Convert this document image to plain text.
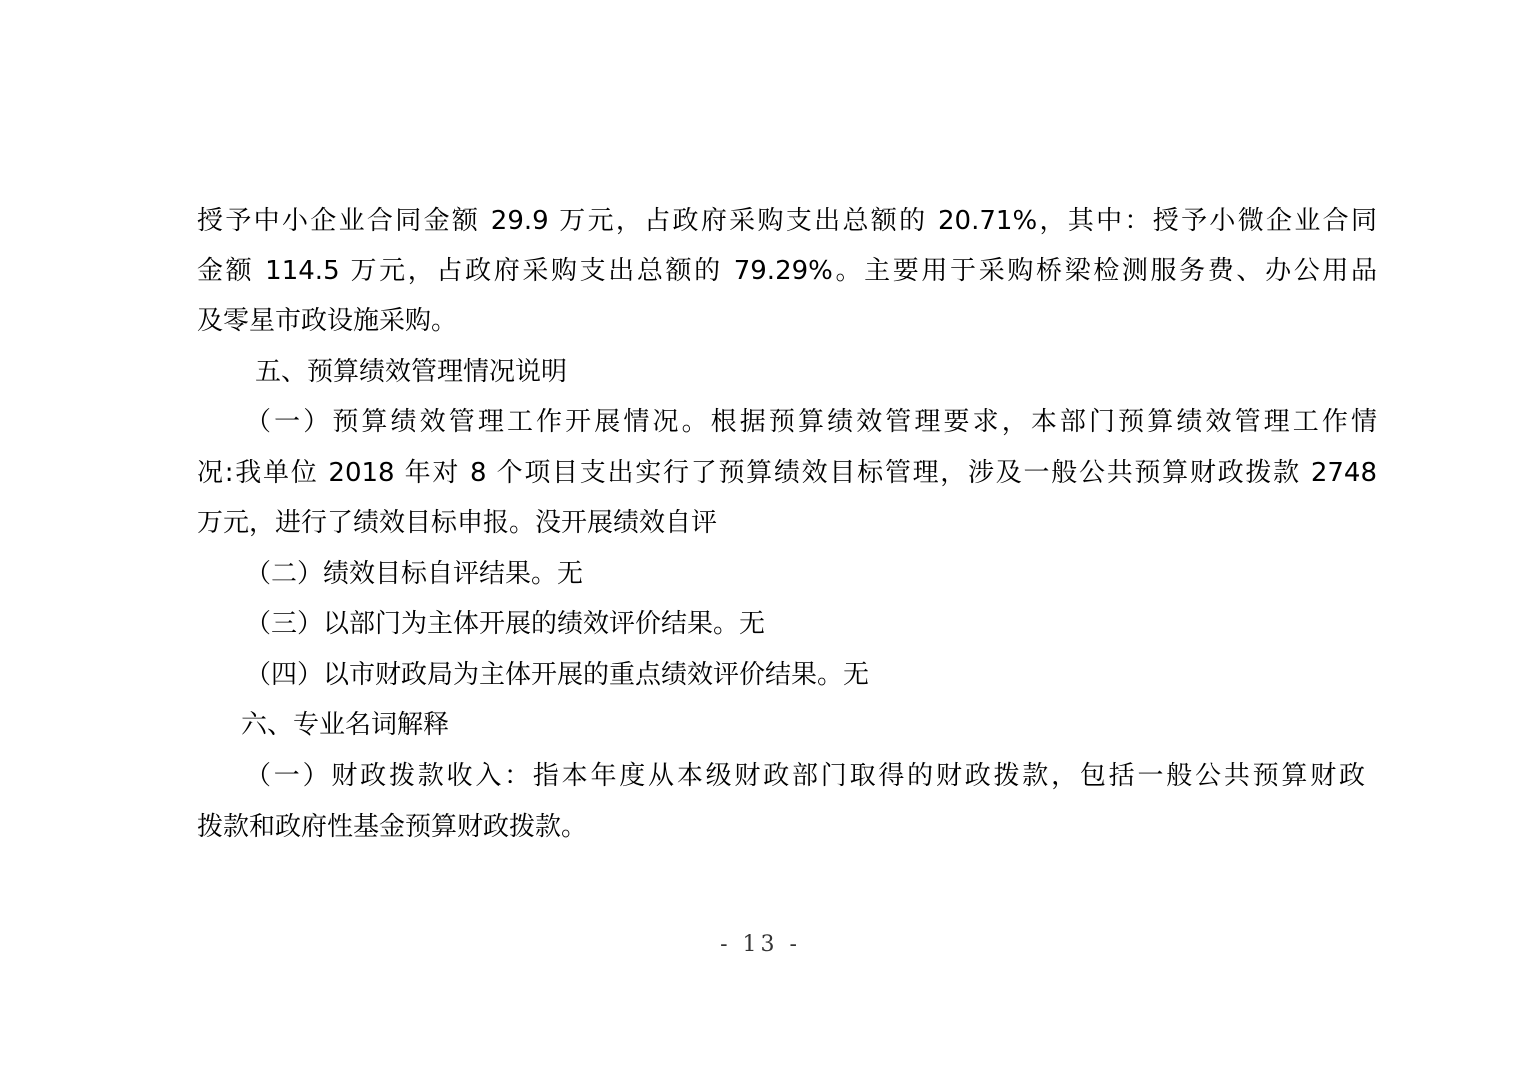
授予中小企业合同金额 29.9 万元，占政府采购支出总额的 20.71%，其中：授予小微企业合同
金额 114.5 万元，占政府采购支出总额的 79.29%。主要用于采购桥梁检测服务费、办公用品
及零星市政设施采购。
五、预算绩效管理情况说明
（一）预算绩效管理工作开展情况。根据预算绩效管理要求，本部门预算绩效管理工作情
况:我单位 2018 年对 8 个项目支出实行了预算绩效目标管理，涉及一般公共预算财政拨款 2748
万元，进行了绩效目标申报。没开展绩效自评
（二）绩效目标自评结果。无
（三）以部门为主体开展的绩效评价结果。无
（四）以市财政局为主体开展的重点绩效评价结果。无
六、专业名词解释
（一）财政拨款收入：指本年度从本级财政部门取得的财政拨款，包括一般公共预算财政
拨款和政府性基金预算财政拨款。
- 13 -
